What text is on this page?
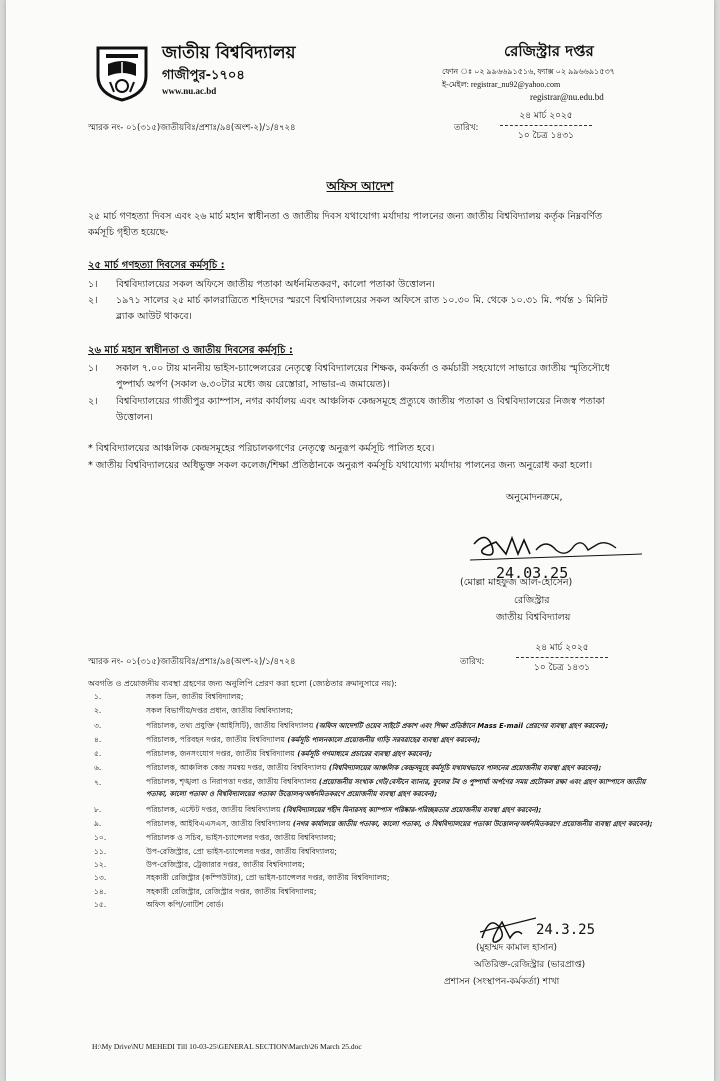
জাতীয় বিশ্ববিদ্যালয়
গাজীপুর-১৭০৪
www.nu.ac.bd
রেজিস্ট্রার দপ্তর
ফোন ঃ ০২ ৯৯৬৬৯১৫১৬, ফ্যাক্স ০২ ৯৯৬৬৯১৫৩৭
ই-মেইল: registrar_nu92@yahoo.com
registrar@nu.edu.bd
স্মারক নং- ০১(৩১৫)জাতীয়বিঃ/প্রশাঃ/৯৪(অংশ-২)/১/৪৭২৪	তারিখ:
২৪ মার্চ ২০২৫
১০ চৈত্র ১৪৩১
অফিস আদেশ
২৫ মার্চ গণহত্যা দিবস এবং ২৬ মার্চ মহান স্বাধীনতা ও জাতীয় দিবস যথাযোগ্য মর্যাদায় পালনের জন্য জাতীয় বিশ্ববিদ্যালয় কর্তৃক নিম্নবর্ণিত কর্মসূচি গৃহীত হয়েছে-
২৫ মার্চ গণহত্যা দিবসের কর্মসূচি :
১।	বিশ্ববিদ্যালয়ের সকল অফিসে জাতীয় পতাকা অর্ধনমিতকরণ, কালো পতাকা উত্তোলন।
২।	১৯৭১ সালের ২৫ মার্চ কালরাত্রিতে শহিদদের স্মরণে বিশ্ববিদ্যালয়ের সকল অফিসে রাত ১০.৩০ মি. থেকে ১০.৩১ মি. পর্যন্ত ১ মিনিট ব্ল্যাক আউট থাকবে।
২৬ মার্চ মহান স্বাধীনতা ও জাতীয় দিবসের কর্মসূচি :
১।	সকাল ৭.০০ টায় মাননীয় ভাইস-চ্যান্সেলরের নেতৃত্বে বিশ্ববিদ্যালয়ের শিক্ষক, কর্মকর্তা ও কর্মচারী সহযোগে সাভারে জাতীয় স্মৃতিসৌধে পুষ্পার্ঘ্য অর্পণ (সকাল ৬.৩০টার মধ্যে জয় রেস্তোরা, সাভার-এ জমায়েত)।
২।	বিশ্ববিদ্যালয়ের গাজীপুর ক্যাম্পাস, নগর কার্যালয় এবং আঞ্চলিক কেন্দ্রসমূহে প্রত্যুষে জাতীয় পতাকা ও বিশ্ববিদ্যালয়ের নিজস্ব পতাকা উত্তোলন।
* বিশ্ববিদ্যালয়ের আঞ্চলিক কেন্দ্রসমূহের পরিচালকগণের নেতৃত্বে অনুরূপ কর্মসূচি পালিত হবে।
* জাতীয় বিশ্ববিদ্যালয়ের অধিভুক্ত সকল কলেজ/শিক্ষা প্রতিষ্ঠানকে অনুরূপ কর্মসূচি যথাযোগ্য মর্যাদায় পালনের জন্য অনুরোধ করা হলো।
অনুমোদনক্রমে,
24.03.25
(মোল্লা মাহফুজ আল-হোসেন)
রেজিস্ট্রার
জাতীয় বিশ্ববিদ্যালয়
স্মারক নং- ০১(৩১৫)জাতীয়বিঃ/প্রশাঃ/৯৪(অংশ-২)/১/৪৭২৪	তারিখ:
২৪ মার্চ ২০২৫
১০ চৈত্র ১৪৩১
অবগতি ও প্রয়োজনীয় ব্যবস্থা গ্রহণের জন্য অনুলিপি প্রেরণ করা হলো (জ্যেষ্ঠতার ক্রমানুসারে নয়):
১.	সকল ডিন, জাতীয় বিশ্ববিদ্যালয়;
২.	সকল বিভাগীয়/দপ্তর প্রধান, জাতীয় বিশ্ববিদ্যালয়;
৩.	পরিচালক, তথ্য প্রযুক্তি (আইসিটি), জাতীয় বিশ্ববিদ্যালয় (অফিস আদেশটি ওয়েব সাইটে প্রকাশ এবং শিক্ষা প্রতিষ্ঠানে Mass E-mail প্রেরণের ব্যবস্থা গ্রহণ করবেন);
৪.	পরিচালক, পরিবহন দপ্তর, জাতীয় বিশ্ববিদ্যালয় (কর্মসূচি পালনকালে প্রয়োজনীয় গাড়ি সরবরাহের ব্যবস্থা গ্রহণ করবেন);
৫.	পরিচালক, জনসংযোগ দপ্তর, জাতীয় বিশ্ববিদ্যালয় (কর্মসূচি গণমাধ্যমে প্রচারের ব্যবস্থা গ্রহণ করবেন);
৬.	পরিচালক, আঞ্চলিক কেন্দ্র সমন্বয় দপ্তর, জাতীয় বিশ্ববিদ্যালয় (বিশ্ববিদ্যালয়ের আঞ্চলিক কেন্দ্রসমূহে কর্মসূচি যথাযথভাবে পালনের প্রয়োজনীয় ব্যবস্থা গ্রহণ করবেন);
৭.	পরিচালক, শৃঙ্খলা ও নিরাপত্তা দপ্তর, জাতীয় বিশ্ববিদ্যালয় (প্রয়োজনীয় সংখ্যক গেট/বেস্টনে ব্যানার, ফুলের টব ও পুষ্পার্ঘ্য অর্পণের সময় প্রটোকল রক্ষা এবং গ্রহণ ক্যাম্পাসে জাতীয় পতাকা, কালো পতাকা ও বিশ্ববিদ্যালয়ের পতাকা উত্তোলন/অর্ধনমিতকরণে প্রয়োজনীয় ব্যবস্থা গ্রহণ করবেন);
৮.	পরিচালক, এস্টেট দপ্তর, জাতীয় বিশ্ববিদ্যালয় (বিশ্ববিদ্যালয়ের শহীদ মিনারসহ ক্যাম্পাস পরিষ্কার-পরিচ্ছন্নতার প্রয়োজনীয় ব্যবস্থা গ্রহণ করবেন);
৯.	পরিচালক, আইবিএএসএস, জাতীয় বিশ্ববিদ্যালয় (নগর কার্যালয়ে জাতীয় পতাকা, কালো পতাকা, ও বিশ্ববিদ্যালয়ের পতাকা উত্তোলন/অর্ধনমিতকরণে প্রয়োজনীয় ব্যবস্থা গ্রহণ করবেন);
১০.	পরিচালক ও সচিব, ভাইস-চ্যান্সেলর দপ্তর, জাতীয় বিশ্ববিদ্যালয়;
১১.	উপ-রেজিস্ট্রার, প্রো ভাইস-চ্যান্সেলর দপ্তর, জাতীয় বিশ্ববিদ্যালয়;
১২.	উপ-রেজিস্ট্রার, ট্রেজারার দপ্তর, জাতীয় বিশ্ববিদ্যালয়;
১৩.	সহকারী রেজিস্ট্রার (কম্পিউটার), প্রো ভাইস-চ্যান্সেলর দপ্তর, জাতীয় বিশ্ববিদ্যালয়;
১৪.	সহকারী রেজিস্ট্রার, রেজিস্ট্রার দপ্তর, জাতীয় বিশ্ববিদ্যালয়;
১৫.	অফিস কপি/নোটিশ বোর্ড।
24.3.25
(মুহাম্মদ কামাল হাসান)
অতিরিক্ত-রেজিস্ট্রার (ভারপ্রাপ্ত)
প্রশাসন (সংস্থাপন-কর্মকর্তা) শাখা
H:\My Drive\NU MEHEDI Till 10-03-25\GENERAL SECTION\March\26 March 25.doc
